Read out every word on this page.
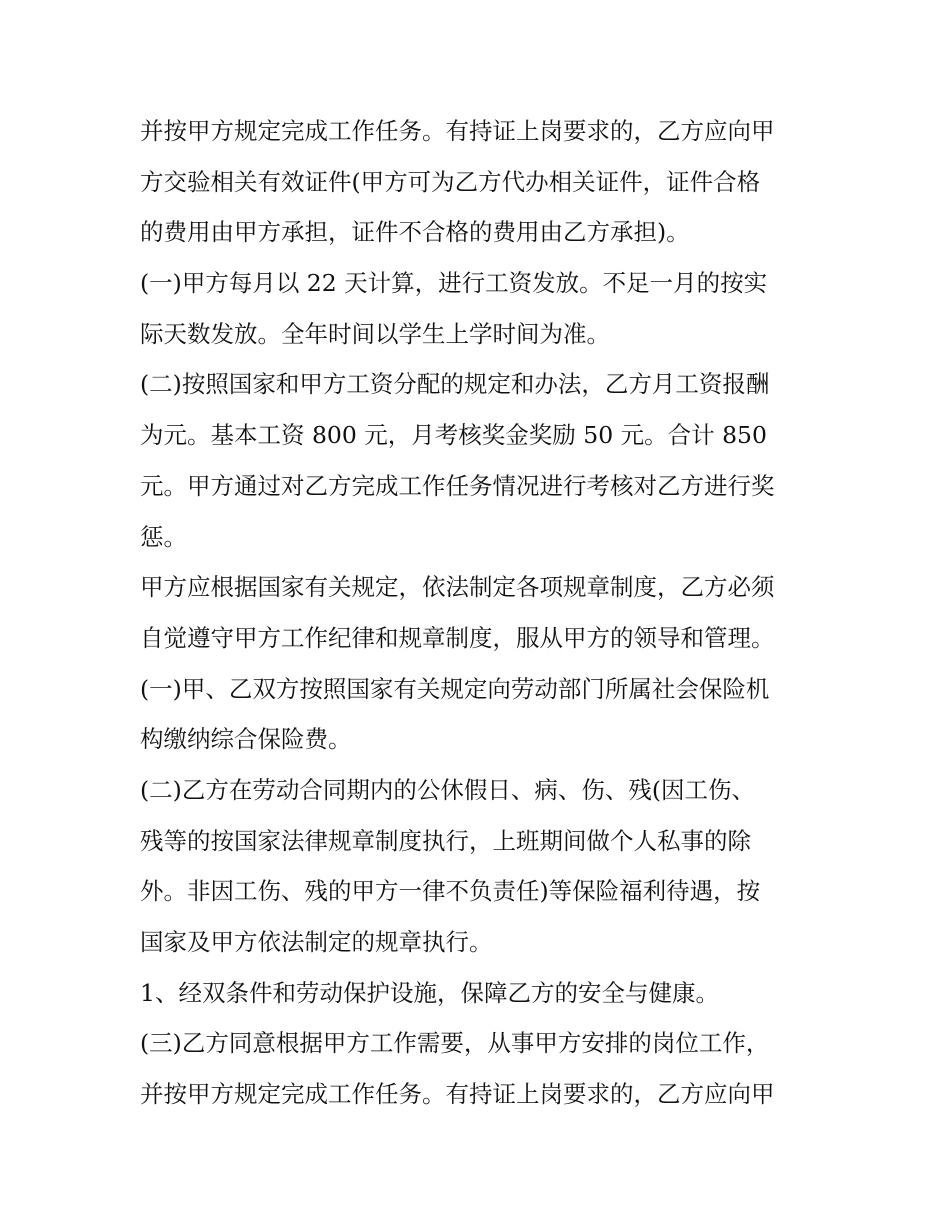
并按甲方规定完成工作任务。有持证上岗要求的，乙方应向甲
方交验相关有效证件(甲方可为乙方代办相关证件，证件合格
的费用由甲方承担，证件不合格的费用由乙方承担)。
(一)甲方每月以 22 天计算，进行工资发放。不足一月的按实
际天数发放。全年时间以学生上学时间为准。
(二)按照国家和甲方工资分配的规定和办法，乙方月工资报酬
为元。基本工资 800 元，月考核奖金奖励 50 元。合计 850
元。甲方通过对乙方完成工作任务情况进行考核对乙方进行奖
惩。
甲方应根据国家有关规定，依法制定各项规章制度，乙方必须
自觉遵守甲方工作纪律和规章制度，服从甲方的领导和管理。
(一)甲、乙双方按照国家有关规定向劳动部门所属社会保险机
构缴纳综合保险费。
(二)乙方在劳动合同期内的公休假日、病、伤、残(因工伤、
残等的按国家法律规章制度执行，上班期间做个人私事的除
外。非因工伤、残的甲方一律不负责任)等保险福利待遇，按
国家及甲方依法制定的规章执行。
1、经双条件和劳动保护设施，保障乙方的安全与健康。
(三)乙方同意根据甲方工作需要，从事甲方安排的岗位工作，
并按甲方规定完成工作任务。有持证上岗要求的，乙方应向甲
